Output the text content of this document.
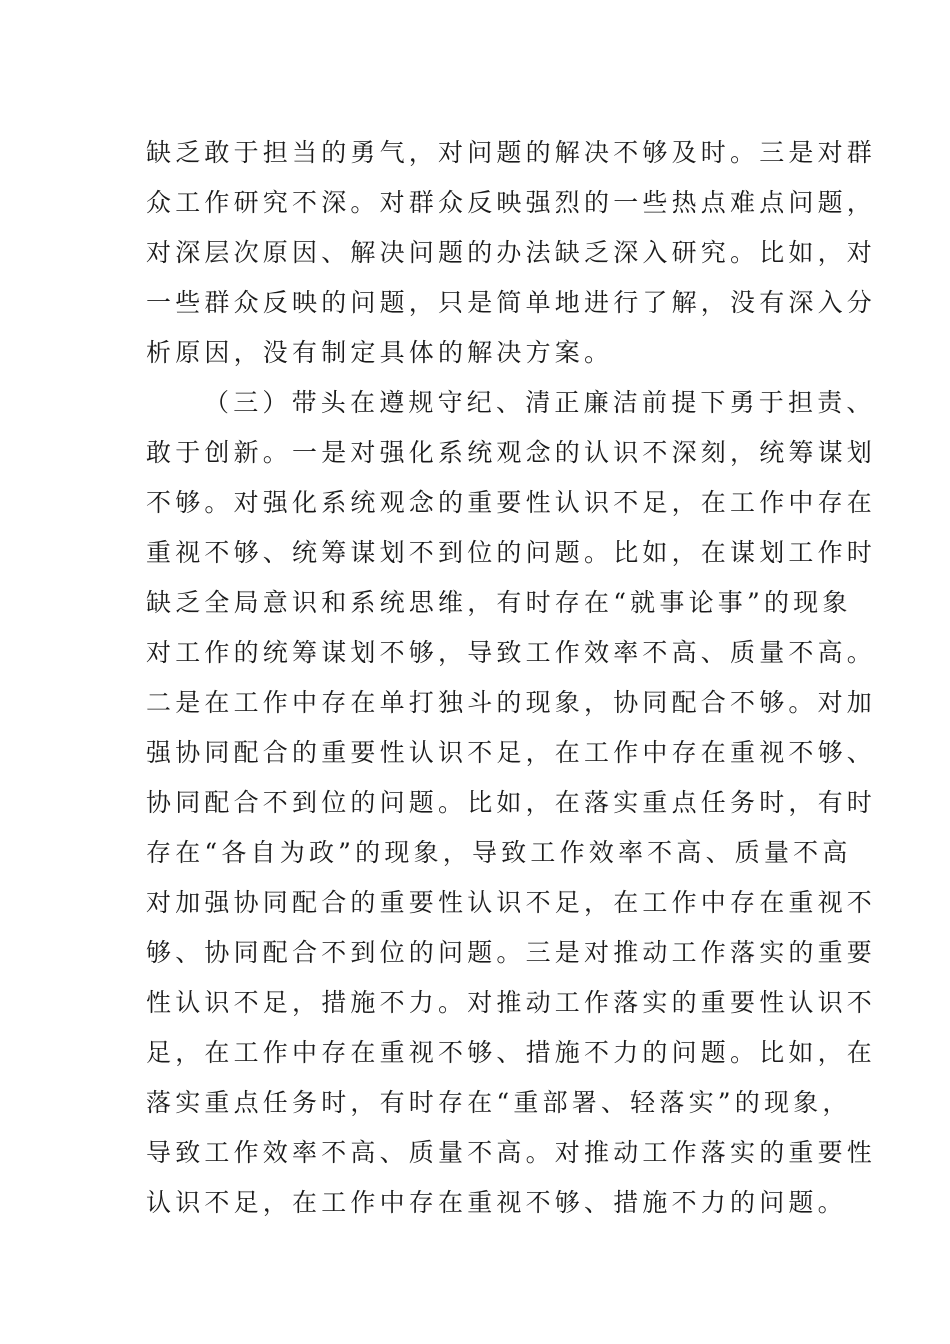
缺乏敢于担当的勇气，对问题的解决不够及时。三是对群
众工作研究不深。对群众反映强烈的一些热点难点问题，
对深层次原因、解决问题的办法缺乏深入研究。比如，对
一些群众反映的问题，只是简单地进行了解，没有深入分
析原因，没有制定具体的解决方案。
（三）带头在遵规守纪、清正廉洁前提下勇于担责、
敢于创新。一是对强化系统观念的认识不深刻，统筹谋划
不够。对强化系统观念的重要性认识不足，在工作中存在
重视不够、统筹谋划不到位的问题。比如，在谋划工作时
缺乏全局意识和系统思维，有时存在“就事论事”的现象
对工作的统筹谋划不够，导致工作效率不高、质量不高。
二是在工作中存在单打独斗的现象，协同配合不够。对加
强协同配合的重要性认识不足，在工作中存在重视不够、
协同配合不到位的问题。比如，在落实重点任务时，有时
存在“各自为政”的现象，导致工作效率不高、质量不高
对加强协同配合的重要性认识不足，在工作中存在重视不
够、协同配合不到位的问题。三是对推动工作落实的重要
性认识不足，措施不力。对推动工作落实的重要性认识不
足，在工作中存在重视不够、措施不力的问题。比如，在
落实重点任务时，有时存在“重部署、轻落实”的现象，
导致工作效率不高、质量不高。对推动工作落实的重要性
认识不足，在工作中存在重视不够、措施不力的问题。
